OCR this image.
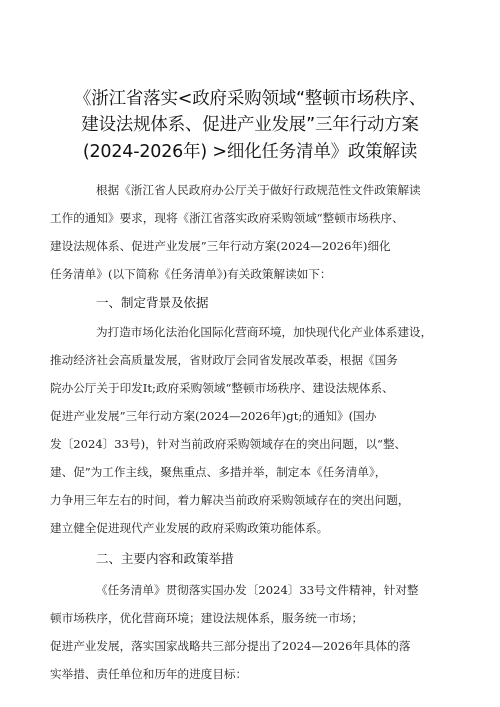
《浙江省落实<政府采购领域“整顿市场秩序、
建设法规体系、促进产业发展”三年行动方案
(2024-2026年) >细化任务清单》政策解读
根据《浙江省人民政府办公厅关于做好行政规范性文件政策解读
工作的通知》要求，现将《浙江省落实政府采购领域“整顿市场秩序、
建设法规体系、促进产业发展”三年行动方案(2024—2026年)细化
任务清单》(以下简称《任务清单》)有关政策解读如下：
一、制定背景及依据
为打造市场化法治化国际化营商环境，加快现代化产业体系建设，
推动经济社会高质量发展，省财政厅会同省发展改革委，根据《国务
院办公厅关于印发It;政府采购领域“整顿市场秩序、建设法规体系、
促进产业发展”三年行动方案(2024—2026年)gt;的通知》(国办
发〔2024〕33号)，针对当前政府采购领域存在的突出问题，以“整、
建、促”为工作主线，聚焦重点、多措并举，制定本《任务清单》，
力争用三年左右的时间，着力解决当前政府采购领域存在的突出问题，
建立健全促进现代产业发展的政府采购政策功能体系。
二、主要内容和政策举措
《任务清单》贯彻落实国办发〔2024〕33号文件精神，针对整
顿市场秩序，优化营商环境；建设法规体系，服务统一市场；
促进产业发展，落实国家战略共三部分提出了2024—2026年具体的落
实举措、责任单位和历年的进度目标：
